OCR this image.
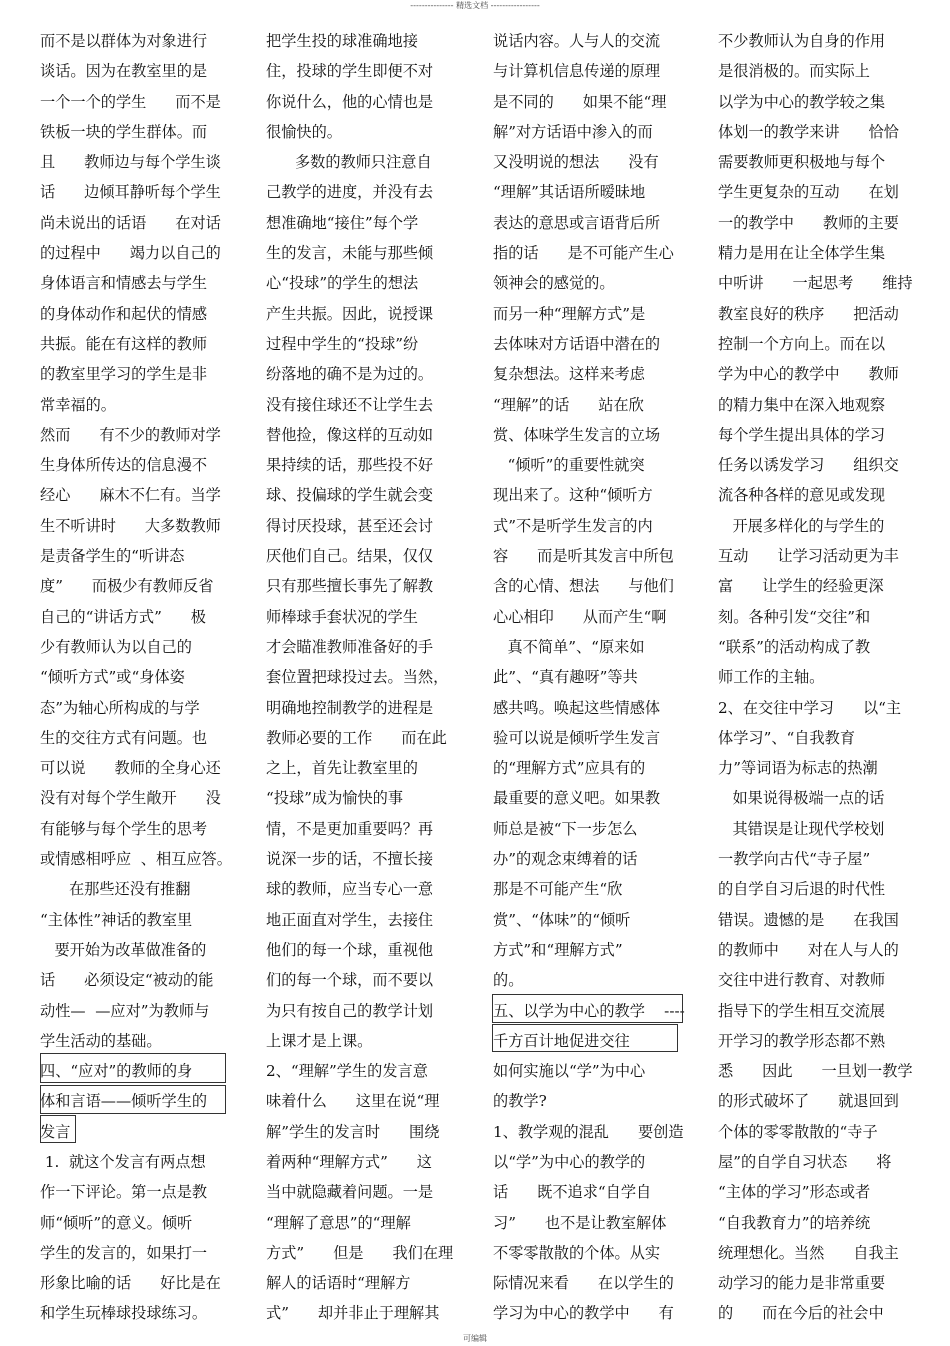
--------------- 精选文档 -----------------
而不是以群体为对象进行
谈话。因为在教室里的是
一个一个的学生      而不是
铁板一块的学生群体。而
且      教师边与每个学生谈
话      边倾耳静听每个学生
尚未说出的话语      在对话
的过程中      竭力以自己的
身体语言和情感去与学生
的身体动作和起伏的情感
共振。能在有这样的教师
的教室里学习的学生是非
常幸福的。
然而      有不少的教师对学
生身体所传达的信息漫不
经心      麻木不仁有。当学
生不听讲时      大多数教师
是责备学生的“听讲态
度”      而极少有教师反省
自己的“讲话方式”      极
少有教师认为以自己的
“倾听方式”或“身体姿
态”为轴心所构成的与学
生的交往方式有问题。也
可以说      教师的全身心还
没有对每个学生敞开      没
有能够与每个学生的思考
或情感相呼应  、相互应答。
在那些还没有推翻
“主体性”神话的教室里
要开始为改革做准备的
话      必须设定“被动的能
动性—  —应对”为教师与
学生活动的基础。
四、“应对”的教师的身
体和言语——倾听学生的
发言
1.  就这个发言有两点想
作一下评论。第一点是教
师“倾听”的意义。倾听
学生的发言的，如果打一
形象比喻的话      好比是在
和学生玩棒球投球练习。
把学生投的球准确地接
住，投球的学生即便不对
你说什么，他的心情也是
很愉快的。
多数的教师只注意自
己教学的进度，并没有去
想准确地“接住”每个学
生的发言，未能与那些倾
心“投球”的学生的想法
产生共振。因此，说授课
过程中学生的“投球”纷
纷落地的确不是为过的。
没有接住球还不让学生去
替他捡，像这样的互动如
果持续的话，那些投不好
球、投偏球的学生就会变
得讨厌投球，甚至还会讨
厌他们自己。结果，仅仅
只有那些擅长事先了解教
师棒球手套状况的学生
才会瞄准教师准备好的手
套位置把球投过去。当然，
明确地控制教学的进程是
教师必要的工作      而在此
之上，首先让教室里的
“投球”成为愉快的事
情，不是更加重要吗？再
说深一步的话，不擅长接
球的教师，应当专心一意
地正面直对学生，去接住
他们的每一个球，重视他
们的每一个球，而不要以
为只有按自己的教学计划
上课才是上课。
2、“理解”学生的发言意
味着什么      这里在说“理
解”学生的发言时      围绕
着两种“理解方式”      这
当中就隐藏着问题。一是
“理解了意思”的“理解
方式”      但是      我们在理
解人的话语时“理解方
式”      却并非止于理解其
说话内容。人与人的交流
与计算机信息传递的原理
是不同的      如果不能“理
解”对方话语中渗入的而
又没明说的想法      没有
“理解”其话语所暧昧地
表达的意思或言语背后所
指的话      是不可能产生心
领神会的感觉的。
而另一种“理解方式”是
去体味对方话语中潜在的
复杂想法。这样来考虑
“理解”的话      站在欣
赏、体味学生发言的立场
“倾听”的重要性就突
现出来了。这种“倾听方
式”不是听学生发言的内
容      而是听其发言中所包
含的心情、想法      与他们
心心相印      从而产生“啊
真不简单”、“原来如
此”、“真有趣呀”等共
感共鸣。唤起这些情感体
验可以说是倾听学生发言
的“理解方式”应具有的
最重要的意义吧。如果教
师总是被“下一步怎么
办”的观念束缚着的话
那是不可能产生“欣
赏”、“体味”的“倾听
方式”和“理解方式”
的。
五、以学为中心的教学    ----
千方百计地促进交往
如何实施以“学”为中心
的教学?
1、教学观的混乱      要创造
以“学”为中心的教学的
话      既不追求“自学自
习”      也不是让教室解体
不零零散散的个体。从实
际情况来看      在以学生的
学习为中心的教学中      有
不少教师认为自身的作用
是很消极的。而实际上
以学为中心的教学较之集
体划一的教学来讲      恰恰
需要教师更积极地与每个
学生更复杂的互动      在划
一的教学中      教师的主要
精力是用在让全体学生集
中听讲      一起思考      维持
教室良好的秩序      把活动
控制一个方向上。而在以
学为中心的教学中      教师
的精力集中在深入地观察
每个学生提出具体的学习
任务以诱发学习      组织交
流各种各样的意见或发现
开展多样化的与学生的
互动      让学习活动更为丰
富      让学生的经验更深
刻。各种引发“交往”和
“联系”的活动构成了教
师工作的主轴。
2、在交往中学习      以“主
体学习”、“自我教育
力”等词语为标志的热潮
如果说得极端一点的话
其错误是让现代学校划
一教学向古代“寺子屋”
的自学自习后退的时代性
错误。遗憾的是      在我国
的教师中      对在人与人的
交往中进行教育、对教师
指导下的学生相互交流展
开学习的教学形态都不熟
悉      因此      一旦划一教学
的形式破坏了      就退回到
个体的零零散散的“寺子
屋”的自学自习状态      将
“主体的学习”形态或者
“自我教育力”的培养统
统理想化。当然      自我主
动学习的能力是非常重要
的      而在今后的社会中
可编辑
